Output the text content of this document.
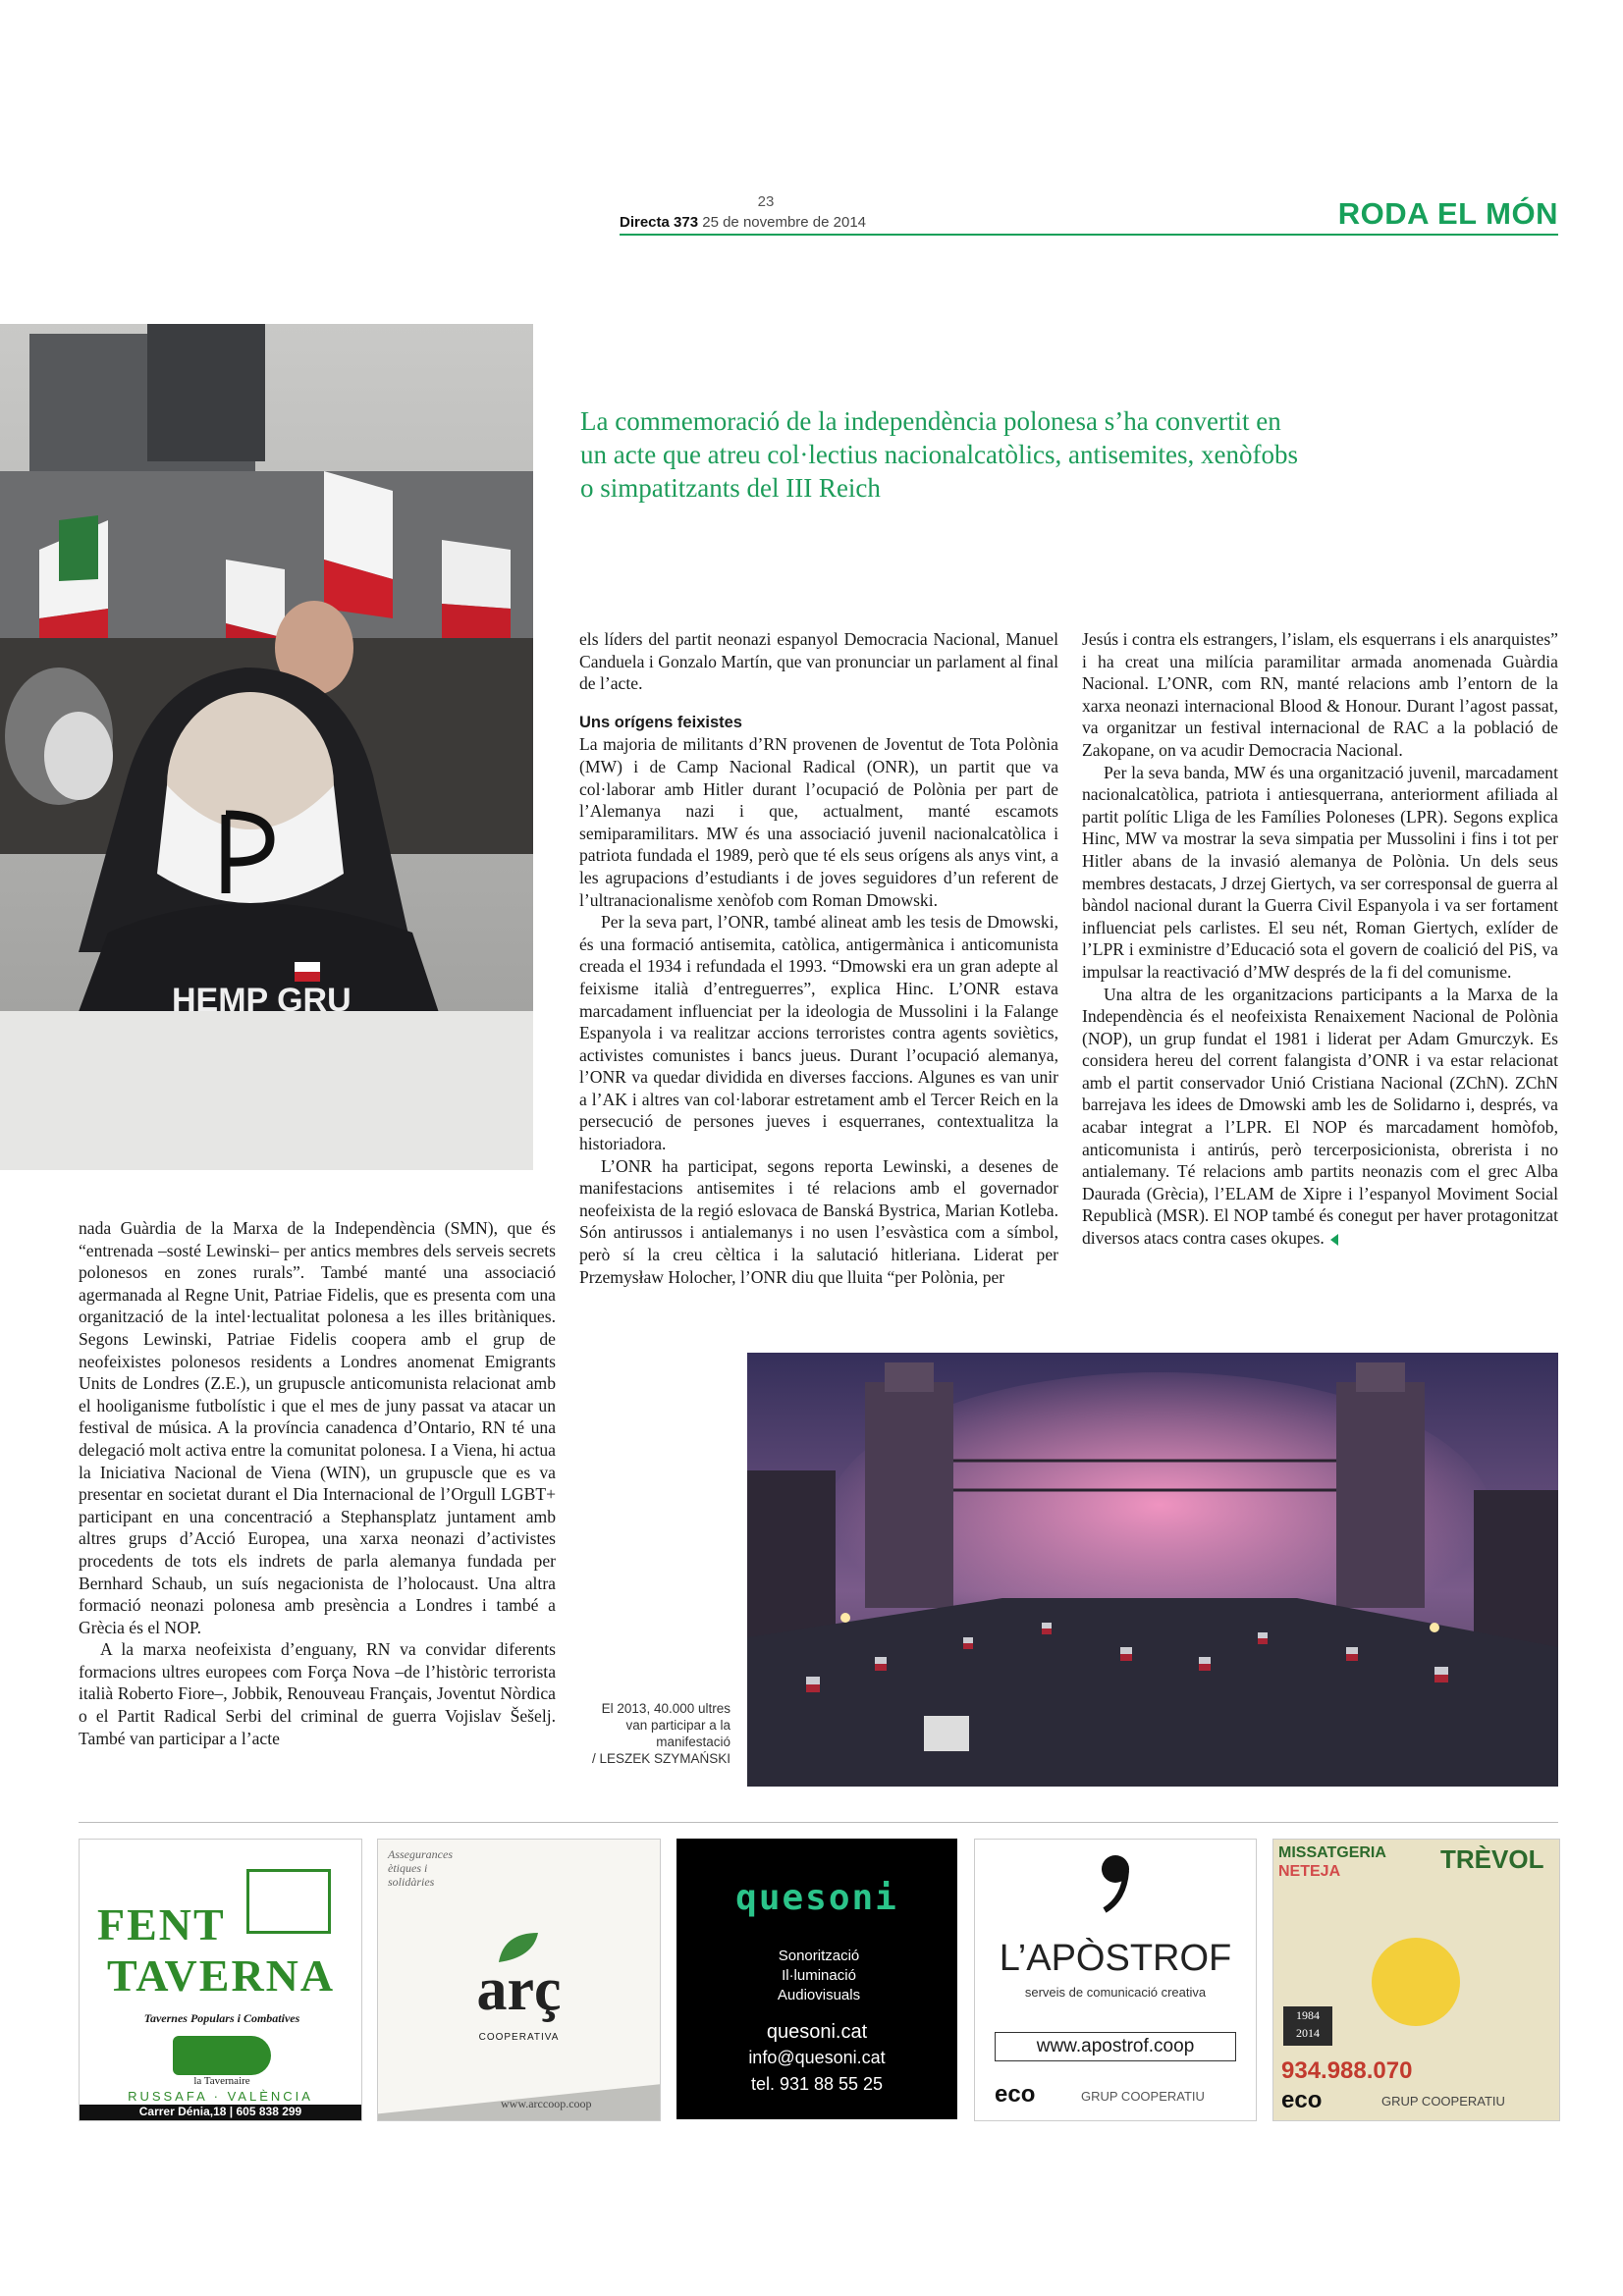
23
Directa 373 25 de novembre de 2014	RODA EL MÓN
HEMP GRU
La commemoració de la independència polonesa s’ha convertit en un acte que atreu col·lectius nacionalcatòlics, antisemites, xenòfobs o simpatitzants del III Reich

nada Guàrdia de la Marxa de la Independència (SMN), que és “entrenada –sosté Lewinski– per antics membres dels serveis secrets polonesos en zones rurals”. També manté una associació agermanada al Regne Unit, Patriae Fidelis, que es presenta com una organització de la intel·lectualitat polonesa a les illes britàniques. Segons Lewinski, Patriae Fidelis coopera amb el grup de neofeixistes polonesos residents a Londres anomenat Emigrants Units de Londres (Z.E.), un grupuscle anticomunista relacionat amb el hooliganisme futbolístic i que el mes de juny passat va atacar un festival de música. A la província canadenca d’Ontario, RN té una delegació molt activa entre la comunitat polonesa. I a Viena, hi actua la Iniciativa Nacional de Viena (WIN), un grupuscle que es va presentar en societat durant el Dia Internacional de l’Orgull LGBT+ participant en una concentració a Stephansplatz juntament amb altres grups d’Acció Europea, una xarxa neonazi d’activistes procedents de tots els indrets de parla alemanya fundada per Bernhard Schaub, un suís negacionista de l’holocaust. Una altra formació neonazi polonesa amb presència a Londres i també a Grècia és el NOP.

A la marxa neofeixista d’enguany, RN va convidar diferents formacions ultres europees com Força Nova –de l’històric terrorista italià Roberto Fiore–, Jobbik, Renouveau Français, Joventut Nòrdica o el Partit Radical Serbi del criminal de guerra Vojislav Šešelj. També van participar a l’acte

els líders del partit neonazi espanyol Democracia Nacional, Manuel Canduela i Gonzalo Martín, que van pronunciar un parlament al final de l’acte.

Uns orígens feixistes

La majoria de militants d’RN provenen de Joventut de Tota Polònia (MW) i de Camp Nacional Radical (ONR), un partit que va col·laborar amb Hitler durant l’ocupació de Polònia per part de l’Alemanya nazi i que, actualment, manté escamots semiparamilitars. MW és una associació juvenil nacionalcatòlica i patriota fundada el 1989, però que té els seus orígens als anys vint, a les agrupacions d’estudiants i de joves seguidores d’un referent de l’ultranacionalisme xenòfob com Roman Dmowski.

Per la seva part, l’ONR, també alineat amb les tesis de Dmowski, és una formació antisemita, catòlica, antigermànica i anticomunista creada el 1934 i refundada el 1993. “Dmowski era un gran adepte al feixisme italià d’entreguerres”, explica Hinc. L’ONR estava marcadament influenciat per la ideologia de Mussolini i la Falange Espanyola i va realitzar accions terroristes contra agents soviètics, activistes comunistes i bancs jueus. Durant l’ocupació alemanya, l’ONR va quedar dividida en diverses faccions. Algunes es van unir a l’AK i altres van col·laborar estretament amb el Tercer Reich en la persecució de persones jueves i esquerranes, contextualitza la historiadora.

L’ONR ha participat, segons reporta Lewinski, a desenes de manifestacions antisemites i té relacions amb el governador neofeixista de la regió eslovaca de Banská Bystrica, Marian Kotleba. Són antirussos i antialemanys i no usen l’esvàstica com a símbol, però sí la creu cèltica i la salutació hitleriana. Liderat per Przemysław Holocher, l’ONR diu que lluita “per Polònia, per

Jesús i contra els estrangers, l’islam, els esquerrans i els anarquistes” i ha creat una milícia paramilitar armada anomenada Guàrdia Nacional. L’ONR, com RN, manté relacions amb l’entorn de la xarxa neonazi internacional Blood & Honour. Durant l’agost passat, va organitzar un festival internacional de RAC a la població de Zakopane, on va acudir Democracia Nacional.

Per la seva banda, MW és una organització juvenil, marcadament nacionalcatòlica, patriota i antiesquerrana, anteriorment afiliada al partit polític Lliga de les Famílies Poloneses (LPR). Segons explica Hinc, MW va mostrar la seva simpatia per Mussolini i fins i tot per Hitler abans de la invasió alemanya de Polònia. Un dels seus membres destacats, J drzej Giertych, va ser corresponsal de guerra al bàndol nacional durant la Guerra Civil Espanyola i va ser fortament influenciat pels carlistes. El seu nét, Roman Giertych, exlíder de l’LPR i exministre d’Educació sota el govern de coalició del PiS, va impulsar la reactivació d’MW després de la fi del comunisme.

Una altra de les organitzacions participants a la Marxa de la Independència és el neofeixista Renaixement Nacional de Polònia (NOP), un grup fundat el 1981 i liderat per Adam Gmurczyk. Es considera hereu del corrent falangista d’ONR i va estar relacionat amb el partit conservador Unió Cristiana Nacional (ZChN). ZChN barrejava les idees de Dmowski amb les de Solidarno i, després, va acabar integrat a l’LPR. El NOP és marcadament homòfob, anticomunista i antirús, però tercerposicionista, obrerista i no antialemany. Té relacions amb partits neonazis com el grec Alba Daurada (Grècia), l’ELAM de Xipre i l’espanyol Moviment Social Republicà (MSR). El NOP també és conegut per haver protagonitzat diversos atacs contra cases okupes.

El 2013, 40.000 ultres van participar a la manifestació
/ LESZEK SZYMAŃSKI
FENT
TAVERNA
Tavernes Populars i Combatives
la Tavernaire
RUSSAFA · VALÈNCIA
Carrer Dénia,18 | 605 838 299
Assegurances ètiques i solidàries
arç
COOPERATIVA
www.arccoop.coop
quesoni
Sonorització Il·luminació Audiovisuals
quesoni.cat
info@quesoni.cat
tel. 931 88 55 25
L’APÒSTROF
serveis de comunicació creativa
www.apostrof.coop
eco	GRUP COOPERATIU
MISSATGERIA
NETEJA	TRÈVOL
1984 2014
934.988.070
eco	GRUP COOPERATIU
